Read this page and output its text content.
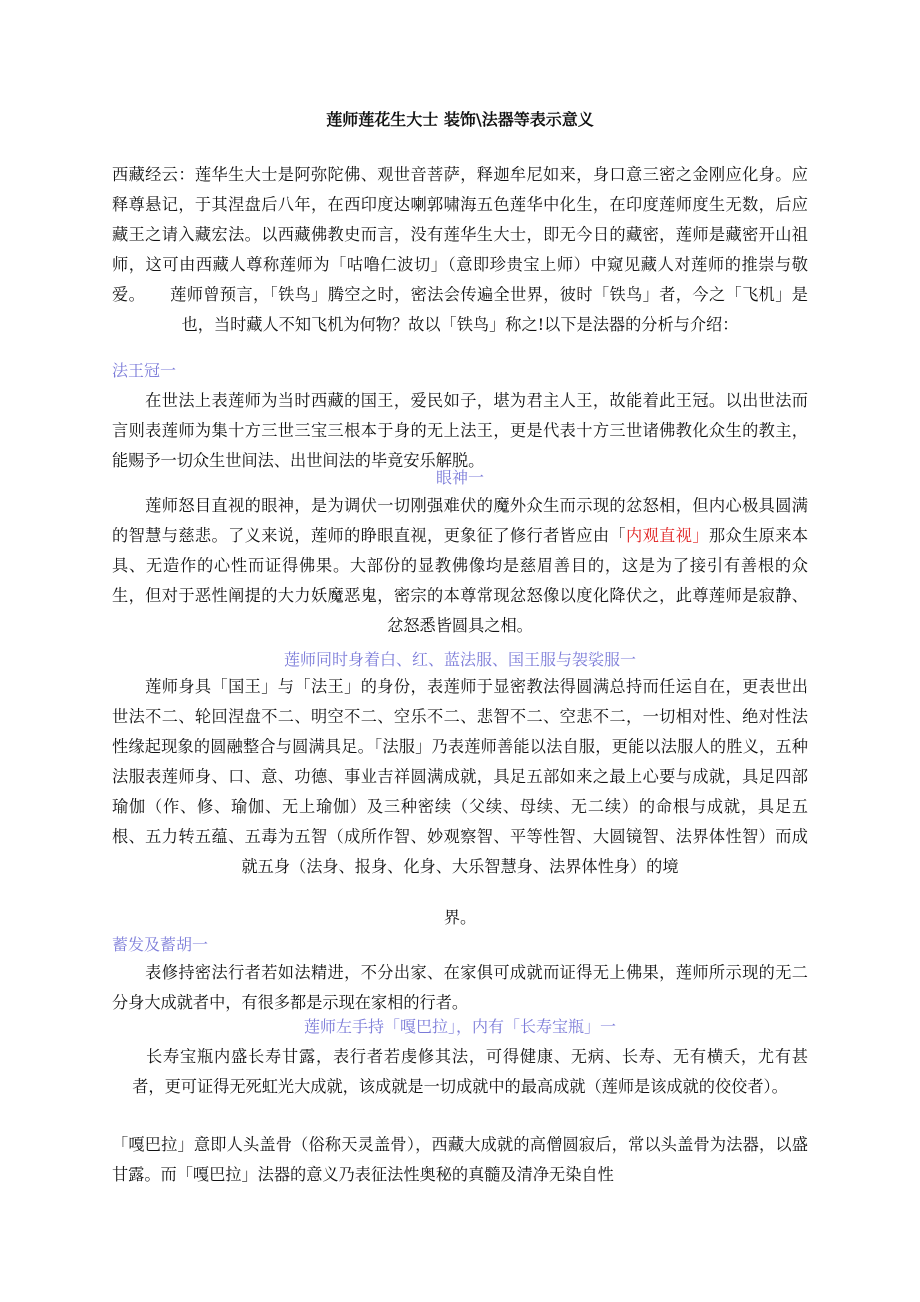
莲师莲花生大士 装饰\法器等表示意义

西藏经云：莲华生大士是阿弥陀佛、观世音菩萨，释迦牟尼如来，身口意三密之金刚应化身。应释尊悬记，于其涅盘后八年，在西印度达喇郭啸海五色莲华中化生，在印度莲师度生无数，后应藏王之请入藏宏法。以西藏佛教史而言，没有莲华生大士，即无今日的藏密，莲师是藏密开山祖师，这可由西藏人尊称莲师为「咕噜仁波切」（意即珍贵宝上师）中窥见藏人对莲师的推崇与敬爱。　　莲师曾预言，「铁鸟」腾空之时，密法会传遍全世界，彼时「铁鸟」者，今之「飞机」是也，当时藏人不知飞机为何物？故以「铁鸟」称之!以下是法器的分析与介绍：

法王冠一

　　在世法上表莲师为当时西藏的国王，爱民如子，堪为君主人王，故能着此王冠。以出世法而言则表莲师为集十方三世三宝三根本于身的无上法王，更是代表十方三世诸佛教化众生的教主，能赐予一切众生世间法、出世间法的毕竟安乐解脱。

眼神一

　　莲师怒目直视的眼神，是为调伏一切刚强难伏的魔外众生而示现的忿怒相，但内心极具圆满的智慧与慈悲。了义来说，莲师的睁眼直视，更象征了修行者皆应由「内观直视」那众生原来本具、无造作的心性而证得佛果。大部份的显教佛像均是慈眉善目的，这是为了接引有善根的众生，但对于恶性阐提的大力妖魔恶鬼，密宗的本尊常现忿怒像以度化降伏之，此尊莲师是寂静、忿怒悉皆圆具之相。

莲师同时身着白、红、蓝法服、国王服与袈裟服一

　　莲师身具「国王」与「法王」的身份，表莲师于显密教法得圆满总持而任运自在，更表世出世法不二、轮回涅盘不二、明空不二、空乐不二、悲智不二、空悲不二，一切相对性、绝对性法性缘起现象的圆融整合与圆满具足。「法服」乃表莲师善能以法自服，更能以法服人的胜义，五种法服表莲师身、口、意、功德、事业吉祥圆满成就，具足五部如来之最上心要与成就，具足四部瑜伽（作、修、瑜伽、无上瑜伽）及三种密续（父续、母续、无二续）的命根与成就，具足五根、五力转五蕴、五毒为五智（成所作智、妙观察智、平等性智、大圆镜智、法界体性智）而成就五身（法身、报身、化身、大乐智慧身、法界体性身）的境

界。

蓄发及蓄胡一

　　表修持密法行者若如法精进，不分出家、在家俱可成就而证得无上佛果，莲师所示现的无二分身大成就者中，有很多都是示现在家相的行者。

莲师左手持「嘎巴拉」，内有「长寿宝瓶」一

　　长寿宝瓶内盛长寿甘露，表行者若虔修其法，可得健康、无病、长寿、无有横夭，尤有甚者，更可证得无死虹光大成就，该成就是一切成就中的最高成就（莲师是该成就的佼佼者）。

「嘎巴拉」意即人头盖骨（俗称天灵盖骨），西藏大成就的高僧圆寂后，常以头盖骨为法器，以盛甘露。而「嘎巴拉」法器的意义乃表征法性奥秘的真髓及清净无染自性
